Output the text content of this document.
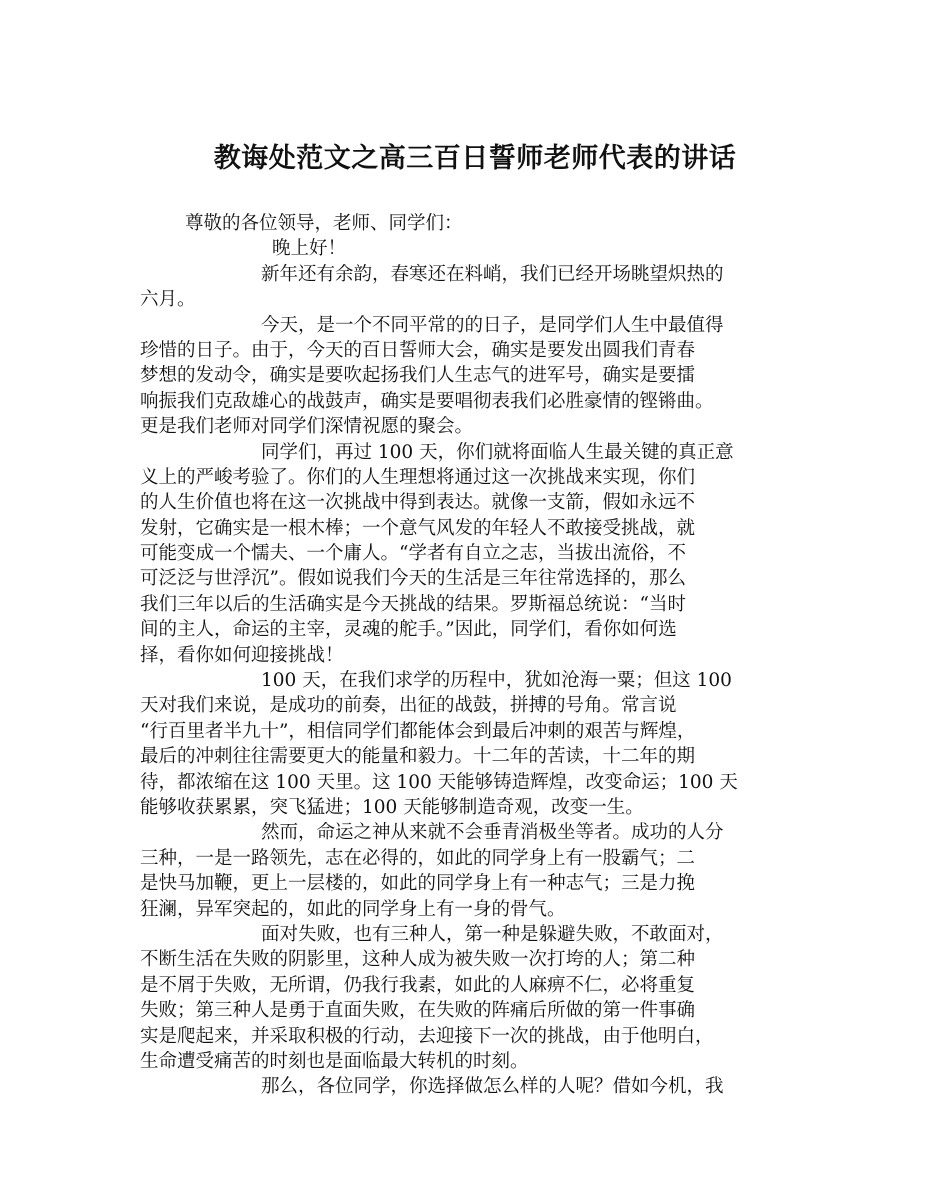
教诲处范文之高三百日誓师老师代表的讲话
尊敬的各位领导，老师、同学们：
晚上好！
新年还有余韵，春寒还在料峭，我们已经开场眺望炽热的
六月。
今天，是一个不同平常的的日子，是同学们人生中最值得
珍惜的日子。由于，今天的百日誓师大会，确实是要发出圆我们青春
梦想的发动令，确实是要吹起扬我们人生志气的进军号，确实是要擂
响振我们克敌雄心的战鼓声，确实是要唱彻表我们必胜豪情的铿锵曲。
更是我们老师对同学们深情祝愿的聚会。
同学们，再过 100 天，你们就将面临人生最关键的真正意
义上的严峻考验了。你们的人生理想将通过这一次挑战来实现，你们
的人生价值也将在这一次挑战中得到表达。就像一支箭，假如永远不
发射，它确实是一根木棒；一个意气风发的年轻人不敢接受挑战，就
可能变成一个懦夫、一个庸人。“学者有自立之志，当拔出流俗，不
可泛泛与世浮沉”。假如说我们今天的生活是三年往常选择的，那么
我们三年以后的生活确实是今天挑战的结果。罗斯福总统说：“当时
间的主人，命运的主宰，灵魂的舵手。”因此，同学们，看你如何选
择，看你如何迎接挑战！
100 天，在我们求学的历程中，犹如沧海一粟；但这 100
天对我们来说，是成功的前奏，出征的战鼓，拼搏的号角。常言说
“行百里者半九十”，相信同学们都能体会到最后冲刺的艰苦与辉煌，
最后的冲刺往往需要更大的能量和毅力。十二年的苦读，十二年的期
待，都浓缩在这 100 天里。这 100 天能够铸造辉煌，改变命运；100 天
能够收获累累，突飞猛进；100 天能够制造奇观，改变一生。
然而，命运之神从来就不会垂青消极坐等者。成功的人分
三种，一是一路领先，志在必得的，如此的同学身上有一股霸气；二
是快马加鞭，更上一层楼的，如此的同学身上有一种志气；三是力挽
狂澜，异军突起的，如此的同学身上有一身的骨气。
面对失败，也有三种人，第一种是躲避失败，不敢面对，
不断生活在失败的阴影里，这种人成为被失败一次打垮的人；第二种
是不屑于失败，无所谓，仍我行我素，如此的人麻痹不仁，必将重复
失败；第三种人是勇于直面失败，在失败的阵痛后所做的第一件事确
实是爬起来，并采取积极的行动，去迎接下一次的挑战，由于他明白，
生命遭受痛苦的时刻也是面临最大转机的时刻。
那么，各位同学，你选择做怎么样的人呢？借如今机，我
